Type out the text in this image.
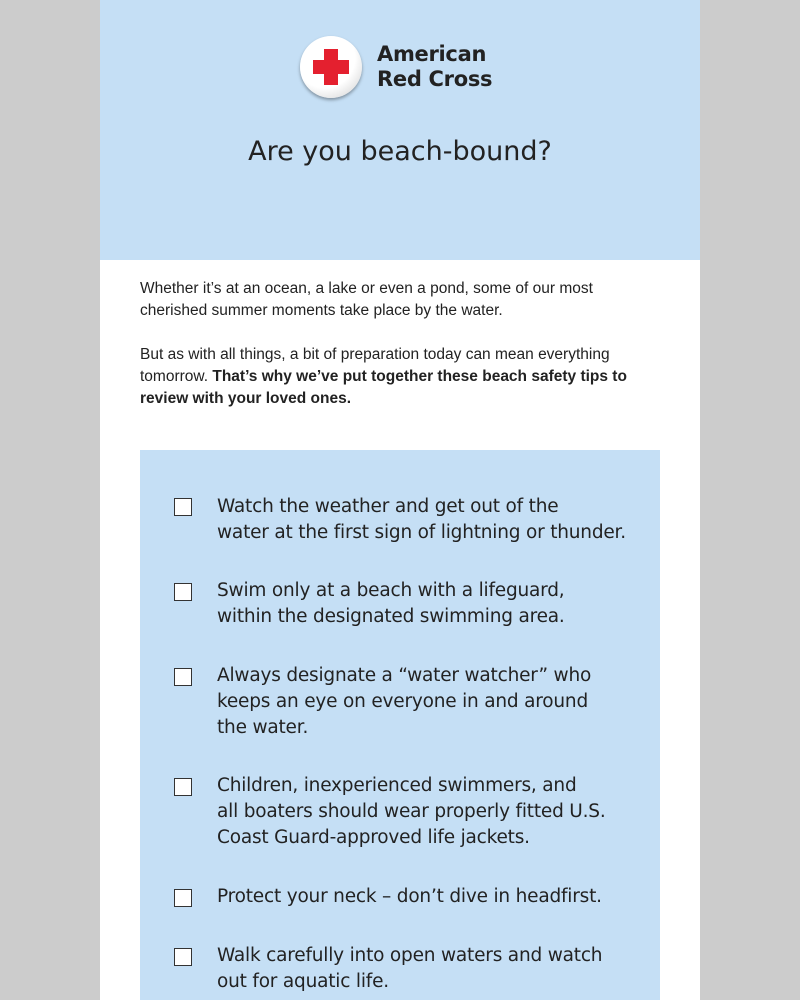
American
Red Cross
Are you beach-bound?

Whether it’s at an ocean, a lake or even a pond, some of our most cherished summer moments take place by the water.

But as with all things, a bit of preparation today can mean everything tomorrow. That’s why we’ve put together these beach safety tips to review with your loved ones.

Watch the weather and get out of the
water at the first sign of lightning or thunder.
Swim only at a beach with a lifeguard,
within the designated swimming area.
Always designate a “water watcher” who
keeps an eye on everyone in and around
the water.
Children, inexperienced swimmers, and
all boaters should wear properly fitted U.S.
Coast Guard-approved life jackets.
Protect your neck – don’t dive in headfirst.
Walk carefully into open waters and watch
out for aquatic life.
